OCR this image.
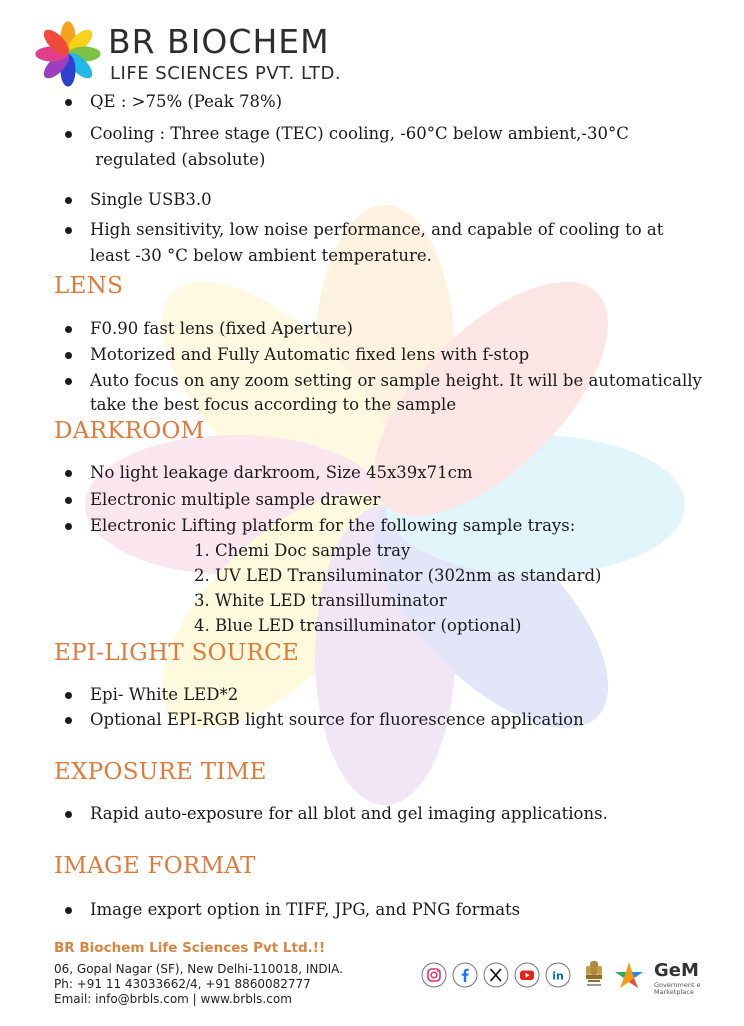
BR BIOCHEM
LIFE SCIENCES PVT. LTD.
QE : >75% (Peak 78%)
Cooling : Three stage (TEC) cooling, -60°C below ambient,-30°C
regulated (absolute)
Single USB3.0
High sensitivity, low noise performance, and capable of cooling to at
least -30 °C below ambient temperature.
LENS
F0.90 fast lens (fixed Aperture)
Motorized and Fully Automatic fixed lens with f-stop
Auto focus on any zoom setting or sample height. It will be automatically
take the best focus according to the sample
DARKROOM
No light leakage darkroom, Size 45x39x71cm
Electronic multiple sample drawer
Electronic Lifting platform for the following sample trays:
1. Chemi Doc sample tray
2. UV LED Transiluminator (302nm as standard)
3. White LED transilluminator
4. Blue LED transilluminator (optional)
EPI-LIGHT SOURCE
Epi- White LED*2
Optional EPI-RGB light source for fluorescence application
EXPOSURE TIME
Rapid auto-exposure for all blot and gel imaging applications.
IMAGE FORMAT
Image export option in TIFF, JPG, and PNG formats
BR Biochem Life Sciences Pvt Ltd.!!
06, Gopal Nagar (SF), New Delhi-110018, INDIA.
Ph: +91 11 43033662/4, +91 8860082777
Email: info@brbls.com | www.brbls.com
in	GeM
Government e Marketplace
